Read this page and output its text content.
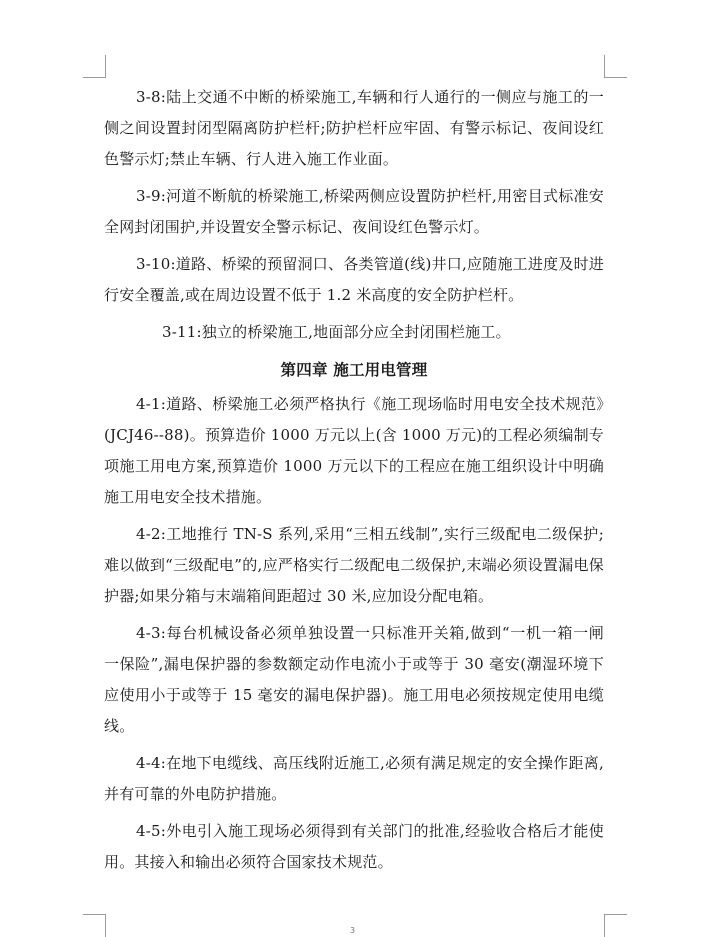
3-8:陆上交通不中断的桥梁施工,车辆和行人通行的一侧应与施工的一侧之间设置封闭型隔离防护栏杆;防护栏杆应牢固、有警示标记、夜间设红色警示灯;禁止车辆、行人进入施工作业面。

3-9:河道不断航的桥梁施工,桥梁两侧应设置防护栏杆,用密目式标准安全网封闭围护,并设置安全警示标记、夜间设红色警示灯。

3-10:道路、桥梁的预留洞口、各类管道(线)井口,应随施工进度及时进行安全覆盖,或在周边设置不低于 1.2 米高度的安全防护栏杆。

3-11:独立的桥梁施工,地面部分应全封闭围栏施工。

第四章 施工用电管理

4-1:道路、桥梁施工必须严格执行《施工现场临时用电安全技术规范》(JCJ46--88)。预算造价 1000 万元以上(含 1000 万元)的工程必须编制专项施工用电方案,预算造价 1000 万元以下的工程应在施工组织设计中明确施工用电安全技术措施。

4-2:工地推行 TN-S 系列,采用“三相五线制”,实行三级配电二级保护;难以做到“三级配电”的,应严格实行二级配电二级保护,末端必须设置漏电保护器;如果分箱与末端箱间距超过 30 米,应加设分配电箱。

4-3:每台机械设备必须单独设置一只标准开关箱,做到“一机一箱一闸一保险”,漏电保护器的参数额定动作电流小于或等于 30 毫安(潮湿环境下应使用小于或等于 15 毫安的漏电保护器)。施工用电必须按规定使用电缆线。

4-4:在地下电缆线、高压线附近施工,必须有满足规定的安全操作距离,并有可靠的外电防护措施。

4-5:外电引入施工现场必须得到有关部门的批准,经验收合格后才能使用。其接入和输出必须符合国家技术规范。

3
